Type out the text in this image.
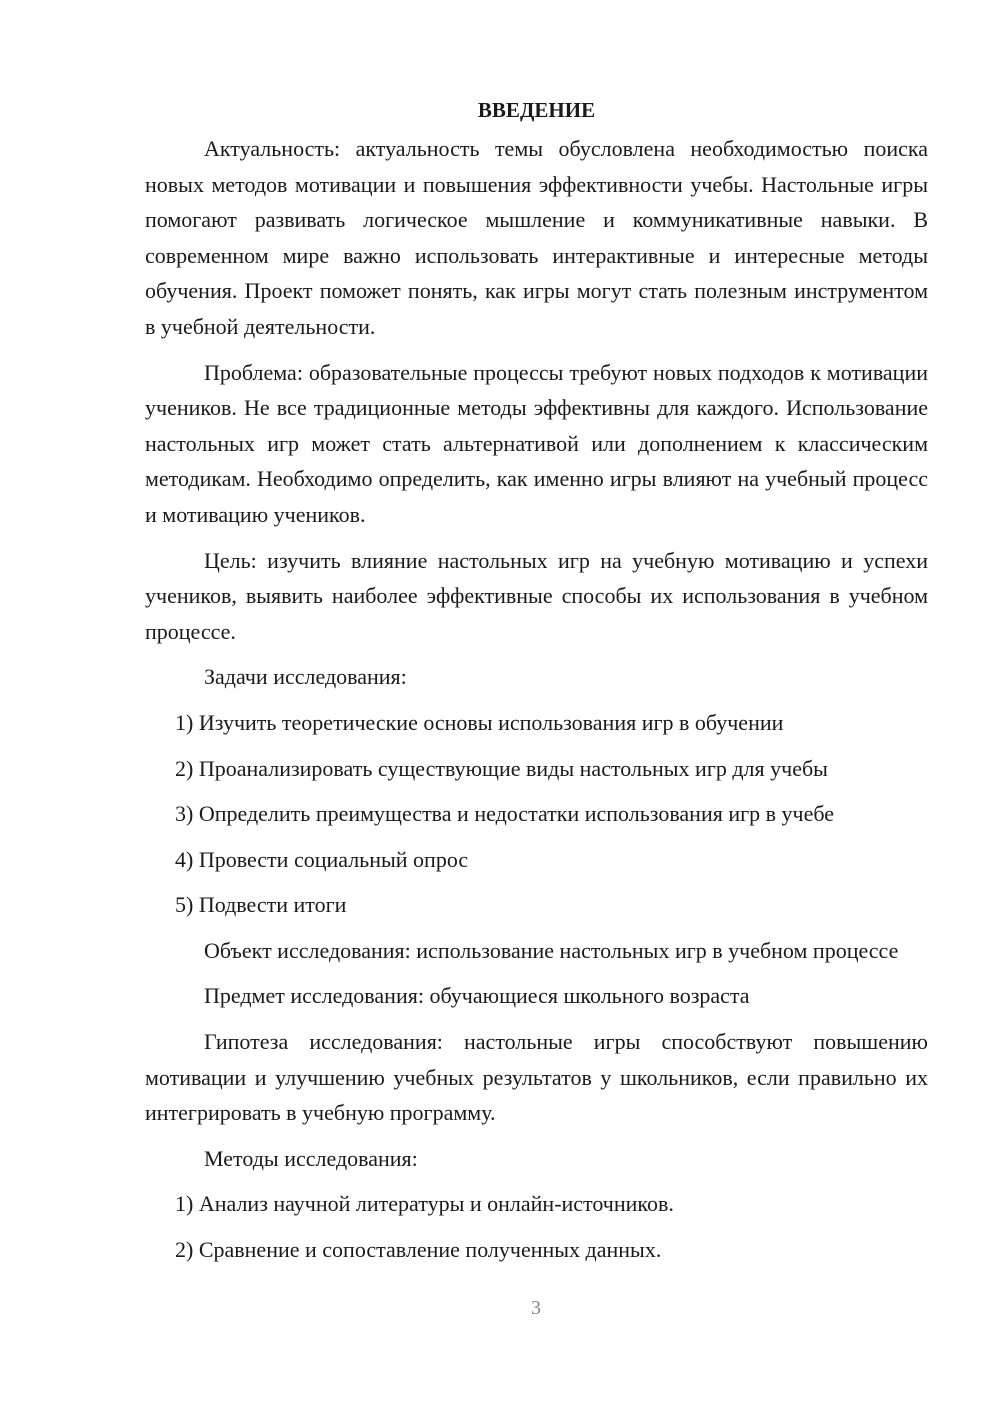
ВВЕДЕНИЕ

Актуальность: актуальность темы обусловлена необходимостью поиска новых методов мотивации и повышения эффективности учебы. Настольные игры помогают развивать логическое мышление и коммуникативные навыки. В современном мире важно использовать интерактивные и интересные методы обучения. Проект поможет понять, как игры могут стать полезным инструментом в учебной деятельности.

Проблема: образовательные процессы требуют новых подходов к мотивации учеников. Не все традиционные методы эффективны для каждого. Использование настольных игр может стать альтернативой или дополнением к классическим методикам. Необходимо определить, как именно игры влияют на учебный процесс и мотивацию учеников.

Цель: изучить влияние настольных игр на учебную мотивацию и успехи учеников, выявить наиболее эффективные способы их использования в учебном процессе.

Задачи исследования:

1) Изучить теоретические основы использования игр в обучении

2) Проанализировать существующие виды настольных игр для учебы

3) Определить преимущества и недостатки использования игр в учебе

4) Провести социальный опрос

5) Подвести итоги

Объект исследования: использование настольных игр в учебном процессе

Предмет исследования: обучающиеся школьного возраста

Гипотеза исследования: настольные игры способствуют повышению мотивации и улучшению учебных результатов у школьников, если правильно их интегрировать в учебную программу.

Методы исследования:

1) Анализ научной литературы и онлайн-источников.

2) Сравнение и сопоставление полученных данных.

3
